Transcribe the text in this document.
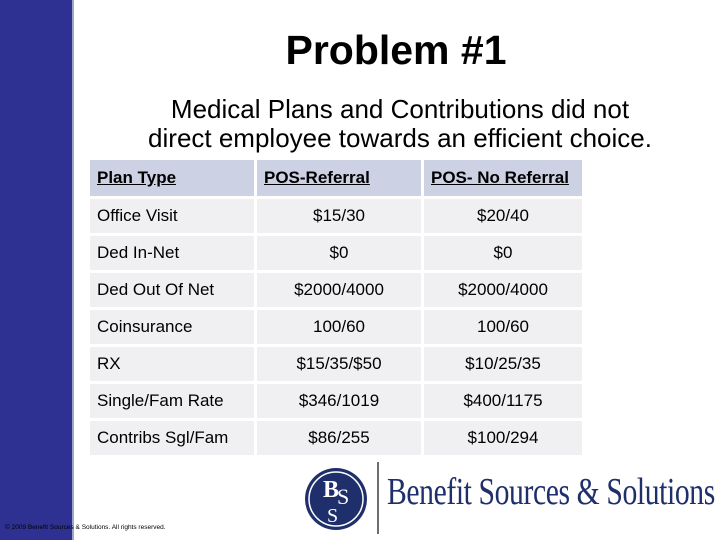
Problem #1
Medical Plans and Contributions did not
direct employee towards an efficient choice.
Plan Type	POS-Referral	POS- No Referral
Office Visit	$15/30	$20/40
Ded In-Net	$0	$0
Ded Out Of Net	$2000/4000	$2000/4000
Coinsurance	100/60	100/60
RX	$15/35/$50	$10/25/35
Single/Fam Rate	$346/1019	$400/1175
Contribs Sgl/Fam	$86/255	$100/294
B
S
S
Benefit Sources & Solutions
© 2009 Benefit Sources & Solutions. All rights reserved.
